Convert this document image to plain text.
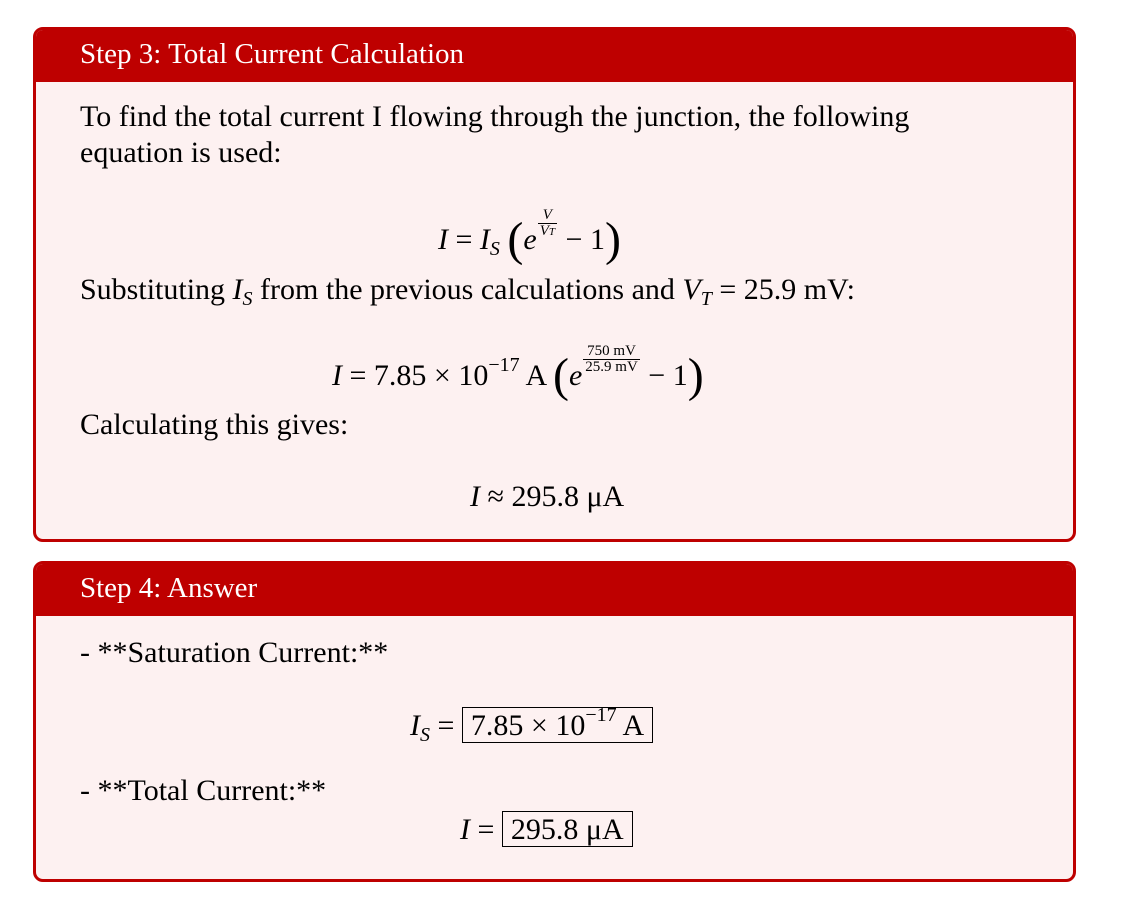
Step 3: Total Current Calculation
To find the total current I flowing through the junction, the following
equation is used:
$I = I_S$ $(e \frac{V}{VT} - 1)$
Substituting $I_S$ from the previous calculations and $V_T = 25.9$ mV:
$I = 7.85 \times 10^{-17}$ A $(e \frac{750 mV}{25.9 mV} - 1)$
Calculating this gives:
I ≈ 295.8 μA
Step 4: Answer
- **Saturation Current:**
$I_S = 7.85 \times 10^{-17}$ A
- **Total Current:**
I = 295.8 μA
